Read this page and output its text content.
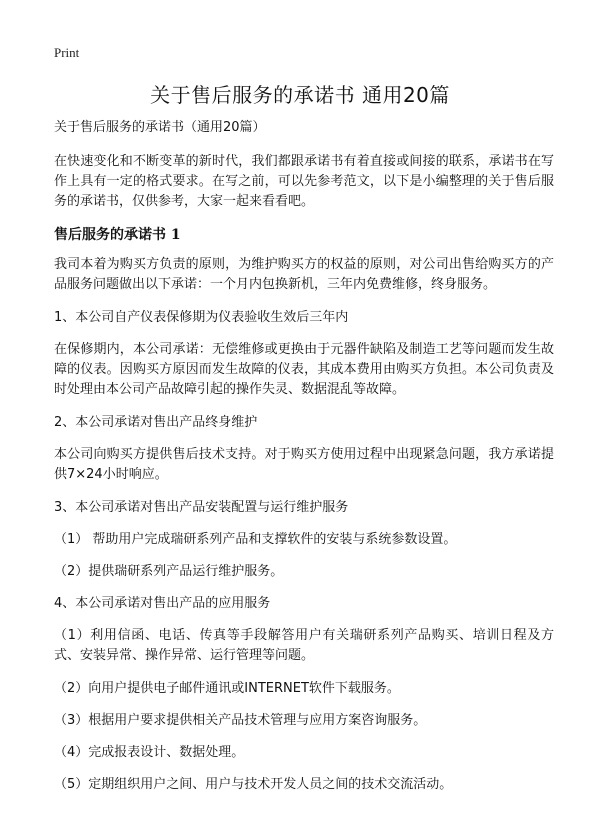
Print

关于售后服务的承诺书 通用20篇

关于售后服务的承诺书（通用20篇）

在快速变化和不断变革的新时代，我们都跟承诺书有着直接或间接的联系，承诺书在写作上具有一定的格式要求。在写之前，可以先参考范文，以下是小编整理的关于售后服务的承诺书，仅供参考，大家一起来看看吧。

售后服务的承诺书 1

我司本着为购买方负责的原则，为维护购买方的权益的原则，对公司出售给购买方的产品服务问题做出以下承诺：一个月内包换新机，三年内免费维修，终身服务。

1、本公司自产仪表保修期为仪表验收生效后三年内

在保修期内，本公司承诺：无偿维修或更换由于元器件缺陷及制造工艺等问题而发生故障的仪表。因购买方原因而发生故障的仪表，其成本费用由购买方负担。本公司负责及时处理由本公司产品故障引起的操作失灵、数据混乱等故障。

2、本公司承诺对售出产品终身维护

本公司向购买方提供售后技术支持。对于购买方使用过程中出现紧急问题，我方承诺提供7×24小时响应。

3、本公司承诺对售出产品安装配置与运行维护服务

（1） 帮助用户完成瑞研系列产品和支撑软件的安装与系统参数设置。

（2）提供瑞研系列产品运行维护服务。

4、本公司承诺对售出产品的应用服务

（1）利用信函、电话、传真等手段解答用户有关瑞研系列产品购买、培训日程及方式、安装异常、操作异常、运行管理等问题。

（2）向用户提供电子邮件通讯或INTERNET软件下载服务。

（3）根据用户要求提供相关产品技术管理与应用方案咨询服务。

（4）完成报表设计、数据处理。

（5）定期组织用户之间、用户与技术开发人员之间的技术交流活动。
